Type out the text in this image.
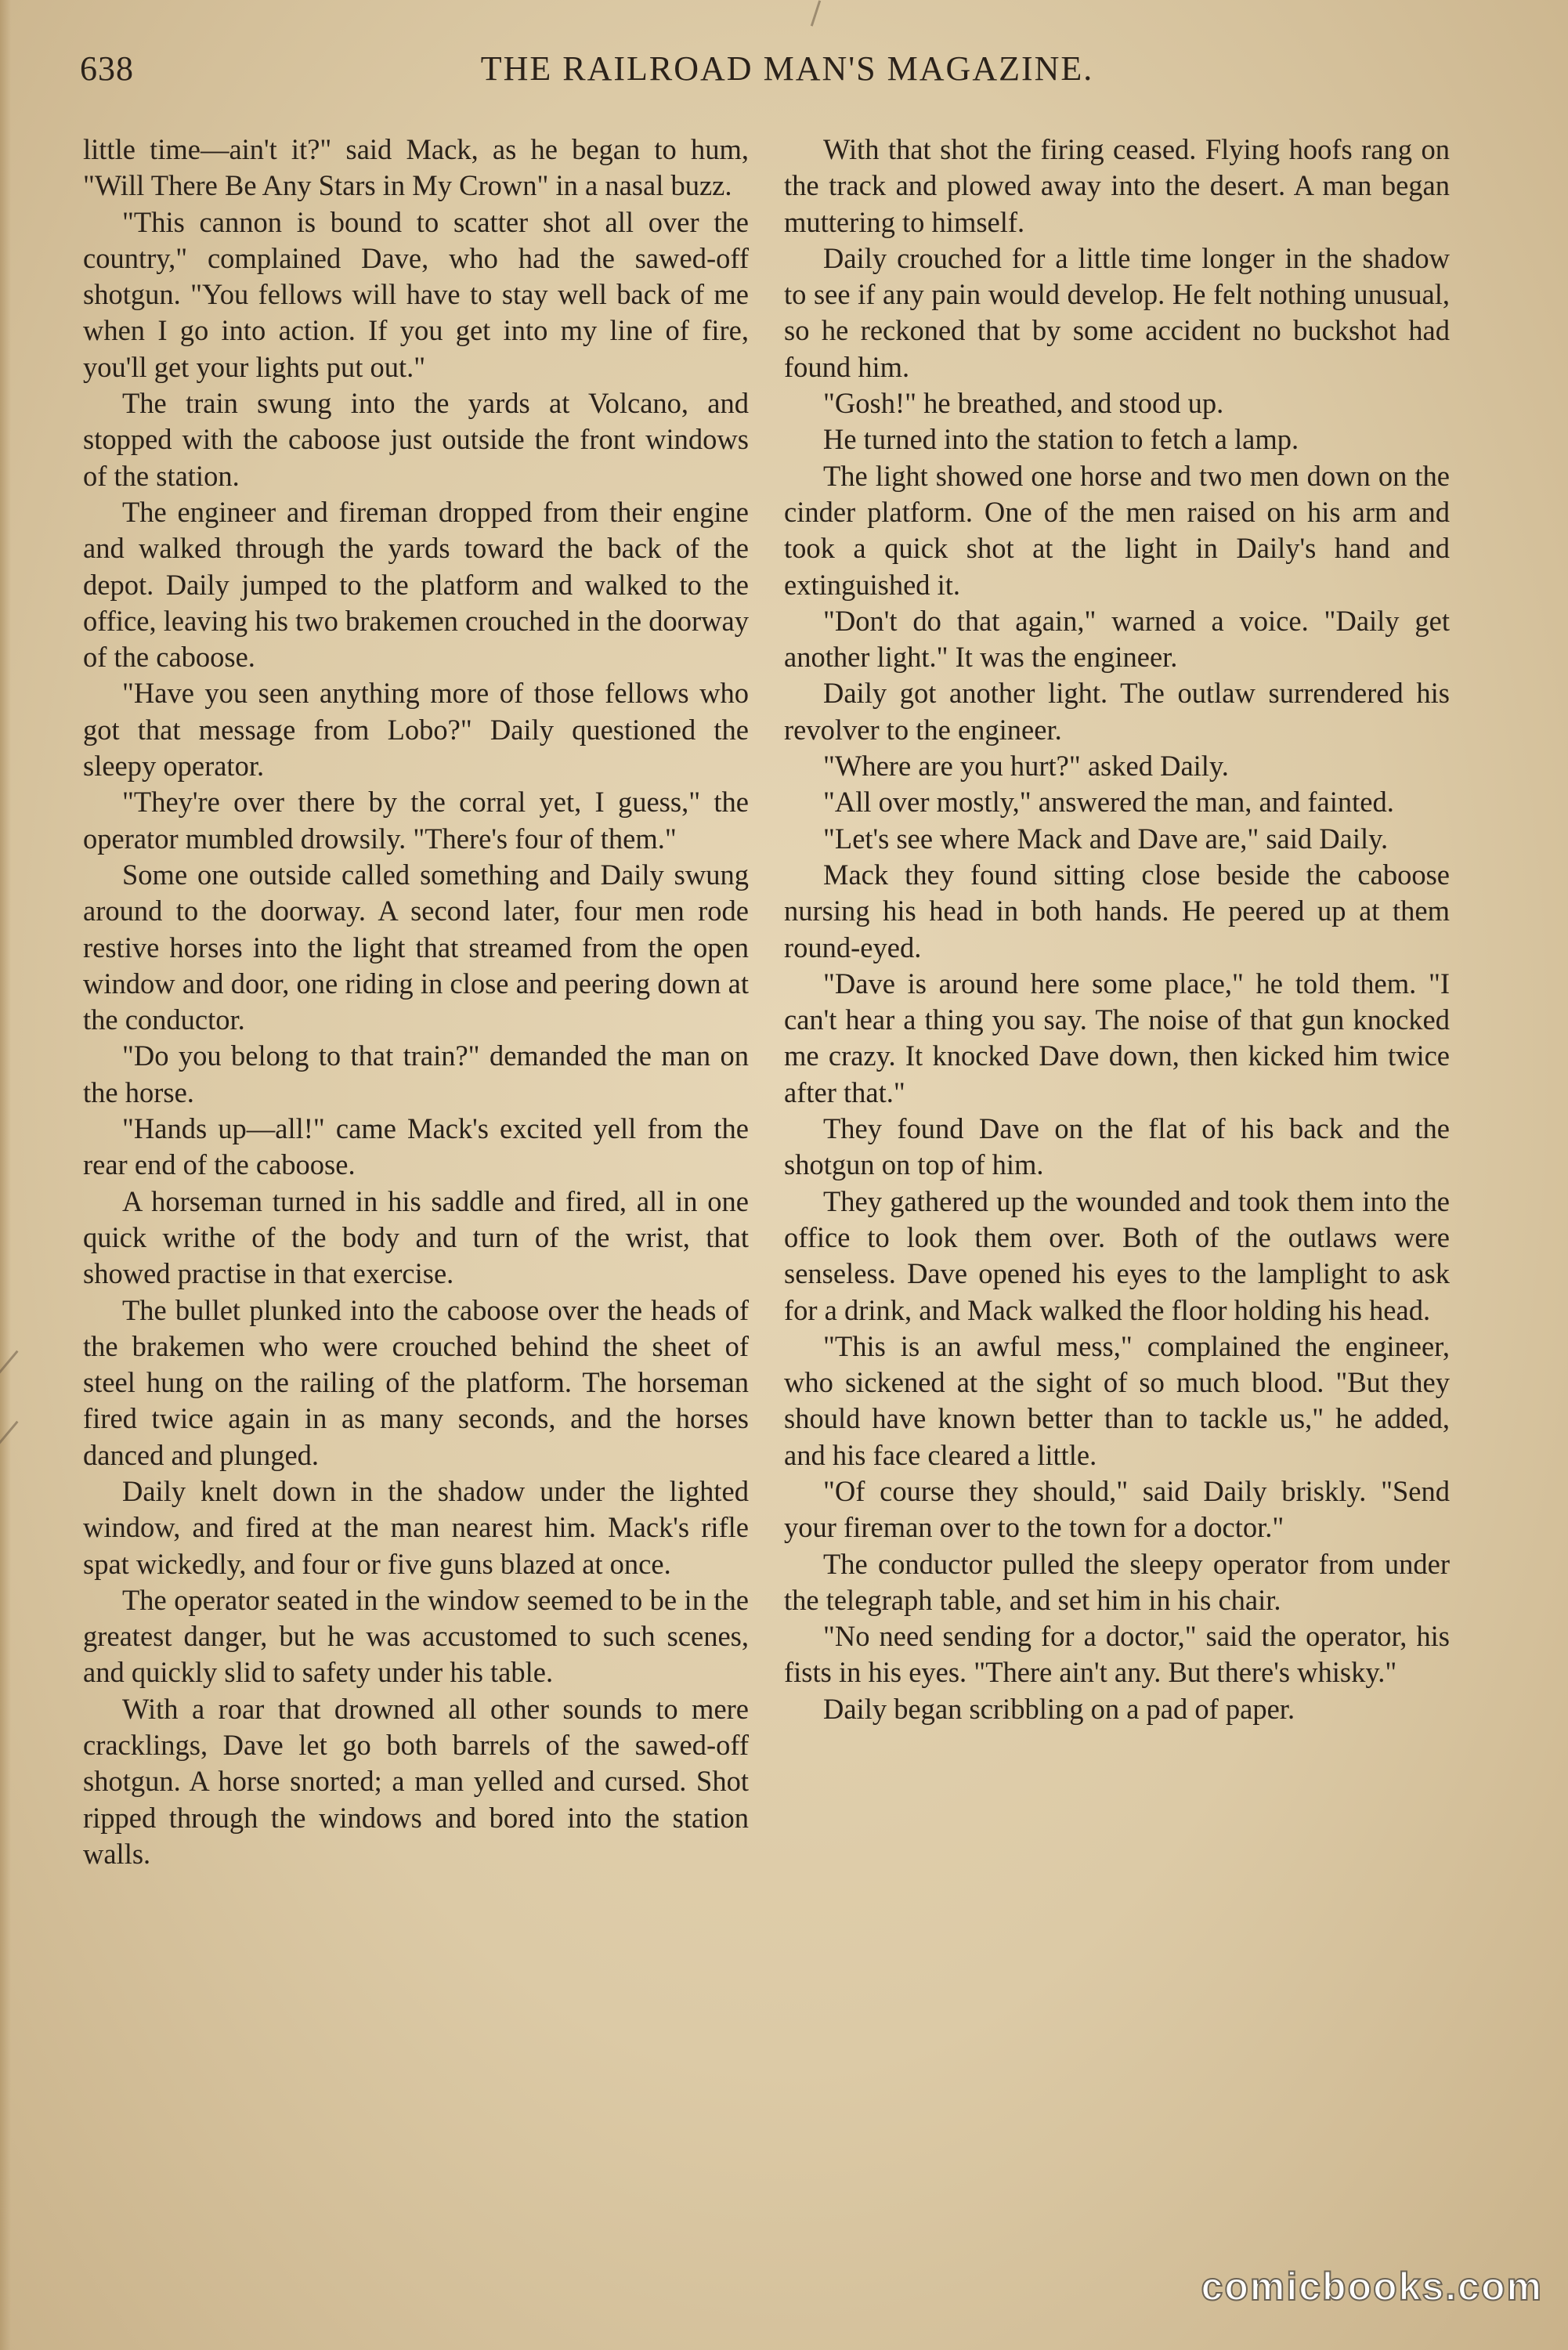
638	THE RAILROAD MAN'S MAGAZINE.

little time—ain't it?" said Mack, as he began to hum, "Will There Be Any Stars in My Crown" in a nasal buzz.

"This cannon is bound to scatter shot all over the country," complained Dave, who had the sawed-off shotgun. "You fellows will have to stay well back of me when I go into action. If you get into my line of fire, you'll get your lights put out."

The train swung into the yards at Volcano, and stopped with the caboose just outside the front windows of the station.

The engineer and fireman dropped from their engine and walked through the yards toward the back of the depot. Daily jumped to the platform and walked to the office, leaving his two brakemen crouched in the doorway of the caboose.

"Have you seen anything more of those fellows who got that message from Lobo?" Daily questioned the sleepy operator.

"They're over there by the corral yet, I guess," the operator mumbled drowsily. "There's four of them."

Some one outside called something and Daily swung around to the doorway. A second later, four men rode restive horses into the light that streamed from the open window and door, one riding in close and peering down at the conductor.

"Do you belong to that train?" demanded the man on the horse.

"Hands up—all!" came Mack's excited yell from the rear end of the caboose.

A horseman turned in his saddle and fired, all in one quick writhe of the body and turn of the wrist, that showed practise in that exercise.

The bullet plunked into the caboose over the heads of the brakemen who were crouched behind the sheet of steel hung on the railing of the platform. The horseman fired twice again in as many seconds, and the horses danced and plunged.

Daily knelt down in the shadow under the lighted window, and fired at the man nearest him. Mack's rifle spat wickedly, and four or five guns blazed at once.

The operator seated in the window seemed to be in the greatest danger, but he was accustomed to such scenes, and quickly slid to safety under his table.

With a roar that drowned all other sounds to mere cracklings, Dave let go both barrels of the sawed-off shotgun. A horse snorted; a man yelled and cursed. Shot ripped through the windows and bored into the station walls.

With that shot the firing ceased. Flying hoofs rang on the track and plowed away into the desert. A man began muttering to himself.

Daily crouched for a little time longer in the shadow to see if any pain would develop. He felt nothing unusual, so he reckoned that by some accident no buckshot had found him.

"Gosh!" he breathed, and stood up.

He turned into the station to fetch a lamp.

The light showed one horse and two men down on the cinder platform. One of the men raised on his arm and took a quick shot at the light in Daily's hand and extinguished it.

"Don't do that again," warned a voice. "Daily get another light." It was the engineer.

Daily got another light. The outlaw surrendered his revolver to the engineer.

"Where are you hurt?" asked Daily.

"All over mostly," answered the man, and fainted.

"Let's see where Mack and Dave are," said Daily.

Mack they found sitting close beside the caboose nursing his head in both hands. He peered up at them round-eyed.

"Dave is around here some place," he told them. "I can't hear a thing you say. The noise of that gun knocked me crazy. It knocked Dave down, then kicked him twice after that."

They found Dave on the flat of his back and the shotgun on top of him.

They gathered up the wounded and took them into the office to look them over. Both of the outlaws were senseless. Dave opened his eyes to the lamplight to ask for a drink, and Mack walked the floor holding his head.

"This is an awful mess," complained the engineer, who sickened at the sight of so much blood. "But they should have known better than to tackle us," he added, and his face cleared a little.

"Of course they should," said Daily briskly. "Send your fireman over to the town for a doctor."

The conductor pulled the sleepy operator from under the telegraph table, and set him in his chair.

"No need sending for a doctor," said the operator, his fists in his eyes. "There ain't any. But there's whisky."

Daily began scribbling on a pad of paper.

comicbooks.com
